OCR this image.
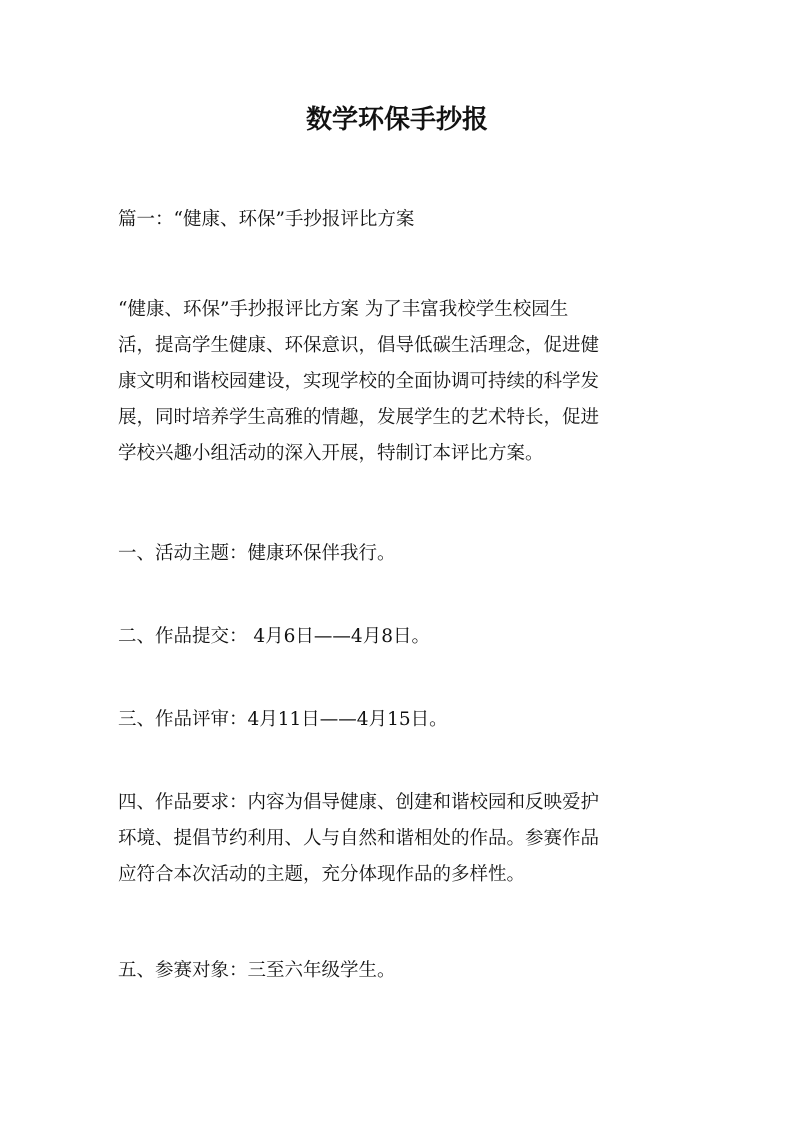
数学环保手抄报

篇一：“健康、环保”手抄报评比方案

“健康、环保”手抄报评比方案 为了丰富我校学生校园生
活，提高学生健康、环保意识，倡导低碳生活理念，促进健
康文明和谐校园建设，实现学校的全面协调可持续的科学发
展，同时培养学生高雅的情趣，发展学生的艺术特长，促进
学校兴趣小组活动的深入开展，特制订本评比方案。

一、活动主题：健康环保伴我行。

二、作品提交： 4月6日——4月8日。

三、作品评审：4月11日——4月15日。

四、作品要求：内容为倡导健康、创建和谐校园和反映爱护
环境、提倡节约利用、人与自然和谐相处的作品。参赛作品
应符合本次活动的主题，充分体现作品的多样性。

五、参赛对象：三至六年级学生。
